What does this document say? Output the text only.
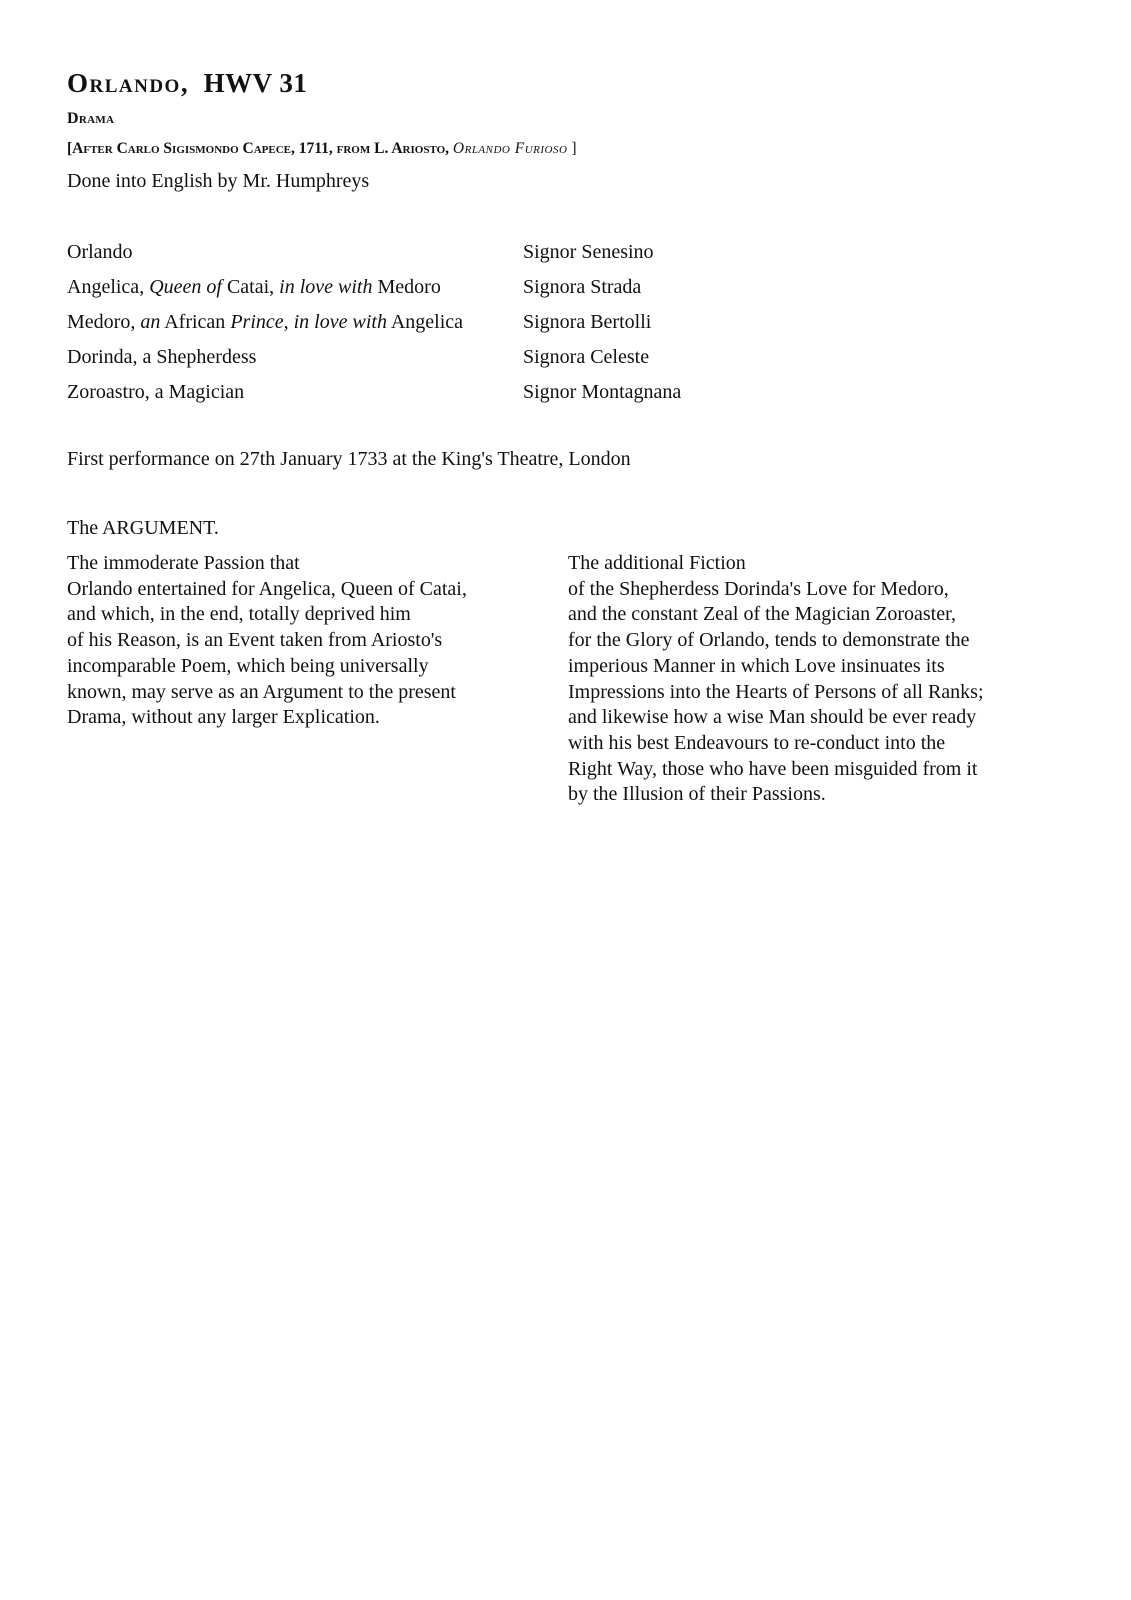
Orlando, HWV 31
Drama
[After Carlo Sigismondo Capece, 1711, from L. Ariosto, Orlando Furioso ]
Done into English by Mr. Humphreys
Orlando	Signor Senesino
Angelica, Queen of Catai, in love with Medoro	Signora Strada
Medoro, an African Prince, in love with Angelica	Signora Bertolli
Dorinda, a Shepherdess	Signora Celeste
Zoroastro, a Magician	Signor Montagnana
First performance on 27th January 1733 at the King's Theatre, London
The ARGUMENT.
The immoderate Passion that
Orlando entertained for Angelica, Queen of Catai,
and which, in the end, totally deprived him
of his Reason, is an Event taken from Ariosto's
incomparable Poem, which being universally
known, may serve as an Argument to the present
Drama, without any larger Explication.
The additional Fiction
of the Shepherdess Dorinda's Love for Medoro,
and the constant Zeal of the Magician Zoroaster,
for the Glory of Orlando, tends to demonstrate the
imperious Manner in which Love insinuates its
Impressions into the Hearts of Persons of all Ranks;
and likewise how a wise Man should be ever ready
with his best Endeavours to re-conduct into the
Right Way, those who have been misguided from it
by the Illusion of their Passions.
